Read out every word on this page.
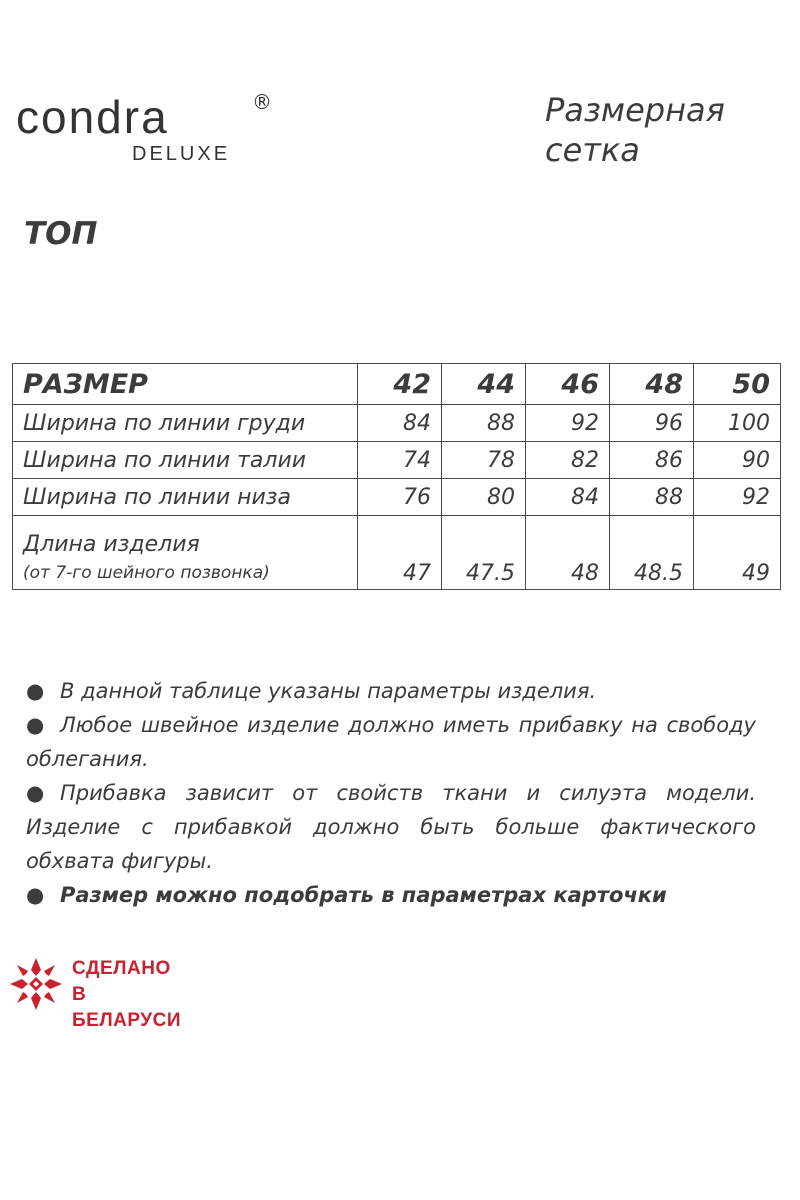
condra	®
DELUXE
Размерная сетка
ТОП
РАЗМЕР	42	44	46	48	50
Ширина по линии груди	84	88	92	96	100
Ширина по линии талии	74	78	82	86	90
Ширина по линии низа	76	80	84	88	92

Длина изделия
(от 7-го шейного позвонка)	47	47.5	48	48.5	49
● В данной таблице указаны параметры изделия.
● Любое швейное изделие должно иметь прибавку на свободу облегания.
● Прибавка зависит от свойств ткани и силуэта модели. Изделие с прибавкой должно быть больше фактического обхвата фигуры.
● Размер можно подобрать в параметрах карточки
СДЕЛАНО
В БЕЛАРУСИ
